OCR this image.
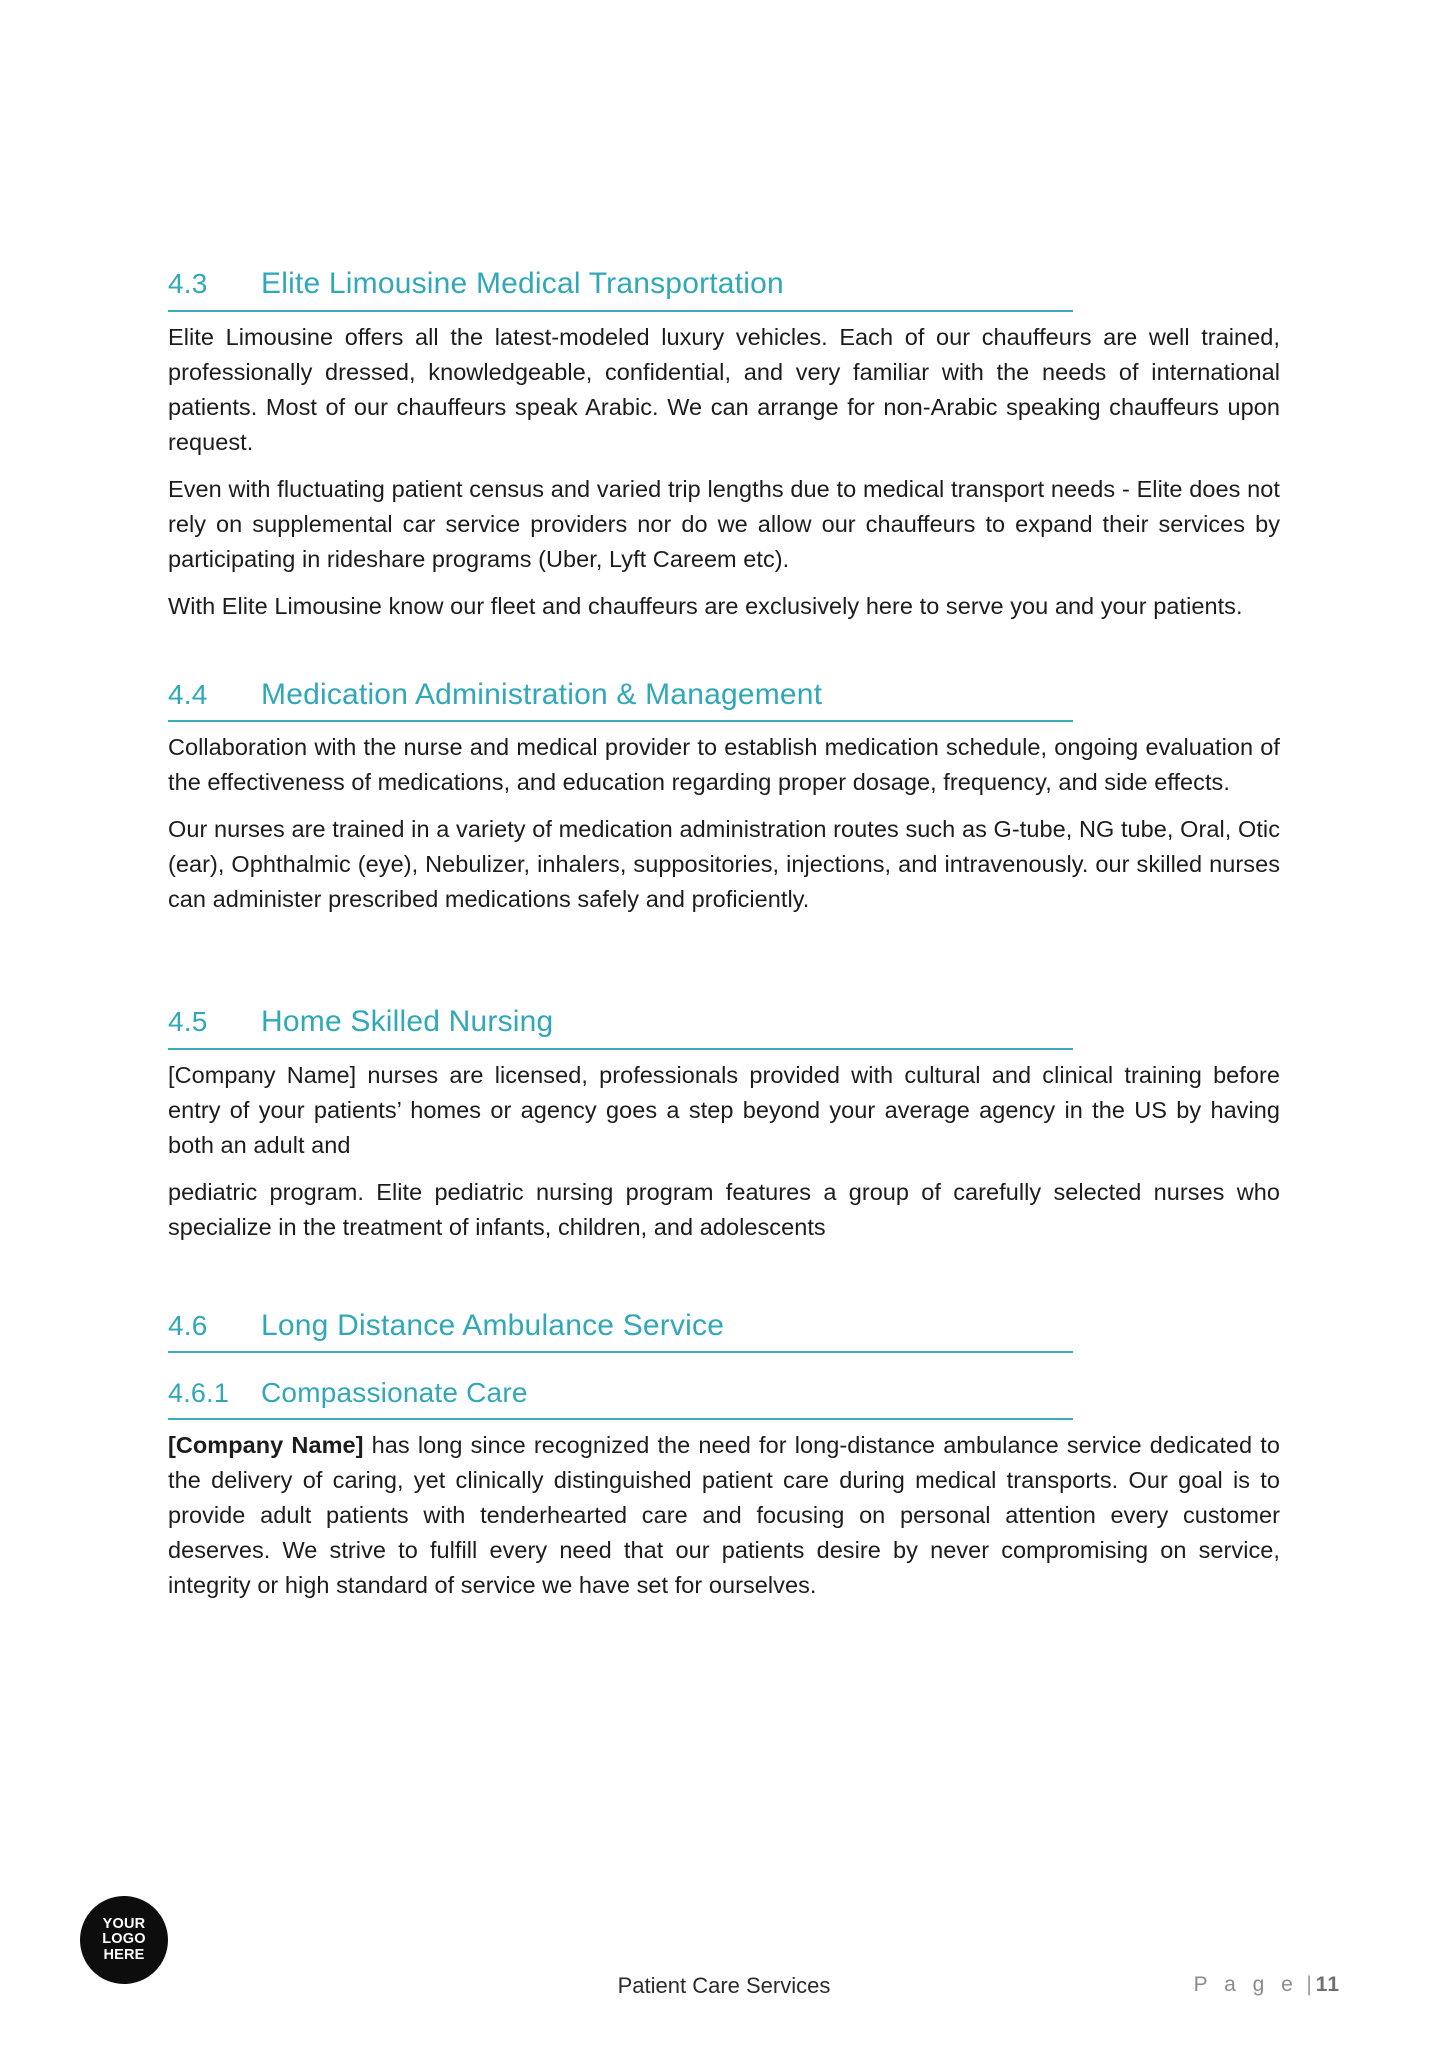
4.3	Elite Limousine Medical Transportation

Elite Limousine offers all the latest-modeled luxury vehicles. Each of our chauffeurs are well trained, professionally dressed, knowledgeable, confidential, and very familiar with the needs of international patients. Most of our chauffeurs speak Arabic. We can arrange for non-Arabic speaking chauffeurs upon request.

Even with fluctuating patient census and varied trip lengths due to medical transport needs - Elite does not rely on supplemental car service providers nor do we allow our chauffeurs to expand their services by participating in rideshare programs (Uber, Lyft Careem etc).

With Elite Limousine know our fleet and chauffeurs are exclusively here to serve you and your patients.

4.4	Medication Administration & Management

Collaboration with the nurse and medical provider to establish medication schedule, ongoing evaluation of the effectiveness of medications, and education regarding proper dosage, frequency, and side effects.

Our nurses are trained in a variety of medication administration routes such as G-tube, NG tube, Oral, Otic (ear), Ophthalmic (eye), Nebulizer, inhalers, suppositories, injections, and intravenously. our skilled nurses can administer prescribed medications safely and proficiently.

4.5	Home Skilled Nursing

[Company Name] nurses are licensed, professionals provided with cultural and clinical training before entry of your patients’ homes or agency goes a step beyond your average agency in the US by having both an adult and

pediatric program. Elite pediatric nursing program features a group of carefully selected nurses who specialize in the treatment of infants, children, and adolescents

4.6	Long Distance Ambulance Service
4.6.1	Compassionate Care

[Company Name] has long since recognized the need for long-distance ambulance service dedicated to the delivery of caring, yet clinically distinguished patient care during medical transports. Our goal is to provide adult patients with tenderhearted care and focusing on personal attention every customer deserves. We strive to fulfill every need that our patients desire by never compromising on service, integrity or high standard of service we have set for ourselves.

YOUR
LOGO
HERE
Patient Care Services	P a g e | 11
